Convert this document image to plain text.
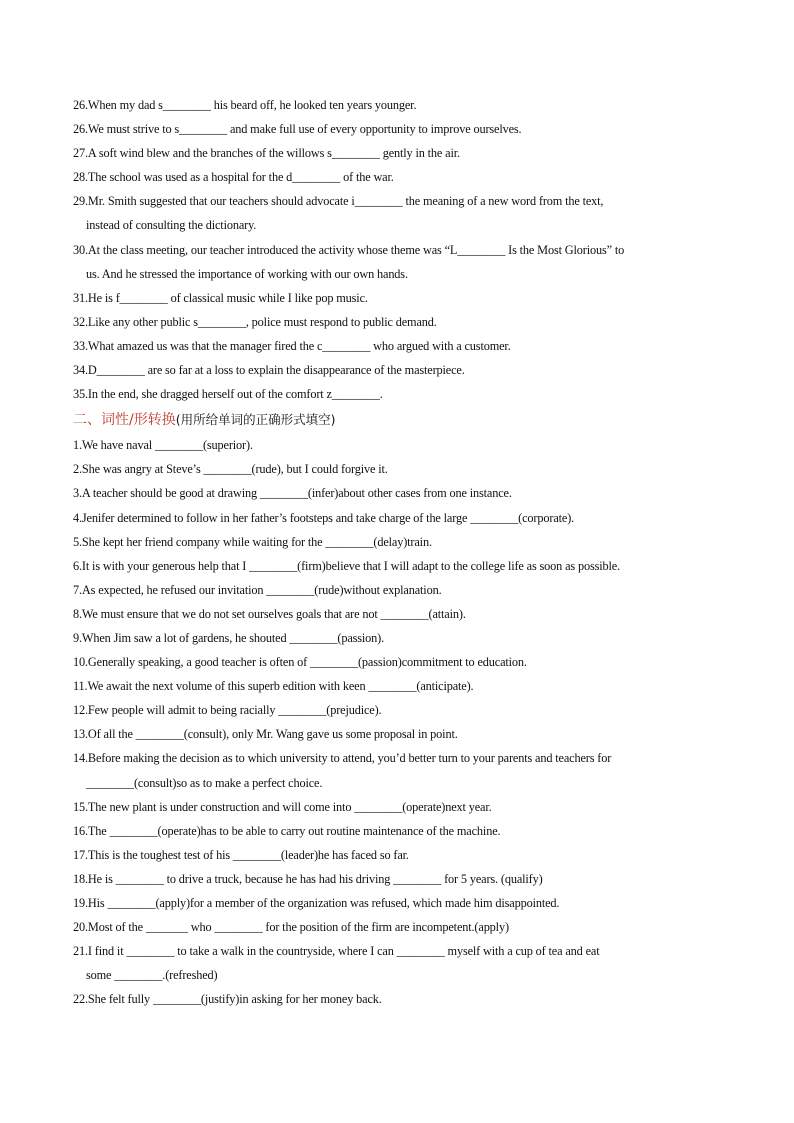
26.When my dad s________ his beard off, he looked ten years younger.
26.We must strive to s________ and make full use of every opportunity to improve ourselves.
27.A soft wind blew and the branches of the willows s________ gently in the air.
28.The school was used as a hospital for the d________ of the war.
29.Mr. Smith suggested that our teachers should advocate i________ the meaning of a new word from the text,
instead of consulting the dictionary.
30.At the class meeting, our teacher introduced the activity whose theme was “L________ Is the Most Glorious” to
us. And he stressed the importance of working with our own hands.
31.He is f________ of classical music while I like pop music.
32.Like any other public s________, police must respond to public demand.
33.What amazed us was that the manager fired the c________ who argued with a customer.
34.D________ are so far at a loss to explain the disappearance of the masterpiece.
35.In the end, she dragged herself out of the comfort z________.
二、词性/形转换(用所给单词的正确形式填空)
1.We have naval ________(superior).
2.She was angry at Steve’s ________(rude), but I could forgive it.
3.A teacher should be good at drawing ________(infer)about other cases from one instance.
4.Jenifer determined to follow in her father’s footsteps and take charge of the large ________(corporate).
5.She kept her friend company while waiting for the ________(delay)train.
6.It is with your generous help that I ________(firm)believe that I will adapt to the college life as soon as possible.
7.As expected, he refused our invitation ________(rude)without explanation.
8.We must ensure that we do not set ourselves goals that are not ________(attain).
9.When Jim saw a lot of gardens, he shouted ________(passion).
10.Generally speaking, a good teacher is often of ________(passion)commitment to education.
11.We await the next volume of this superb edition with keen ________(anticipate).
12.Few people will admit to being racially ________(prejudice).
13.Of all the ________(consult), only Mr. Wang gave us some proposal in point.
14.Before making the decision as to which university to attend, you’d better turn to your parents and teachers for
________(consult)so as to make a perfect choice.
15.The new plant is under construction and will come into ________(operate)next year.
16.The ________(operate)has to be able to carry out routine maintenance of the machine.
17.This is the toughest test of his ________(leader)he has faced so far.
18.He is ________ to drive a truck, because he has had his driving ________ for 5 years. (qualify)
19.His ________(apply)for a member of the organization was refused, which made him disappointed.
20.Most of the _______ who ________ for the position of the firm are incompetent.(apply)
21.I find it ________ to take a walk in the countryside, where I can ________ myself with a cup of tea and eat
some ________.(refreshed)
22.She felt fully ________(justify)in asking for her money back.
